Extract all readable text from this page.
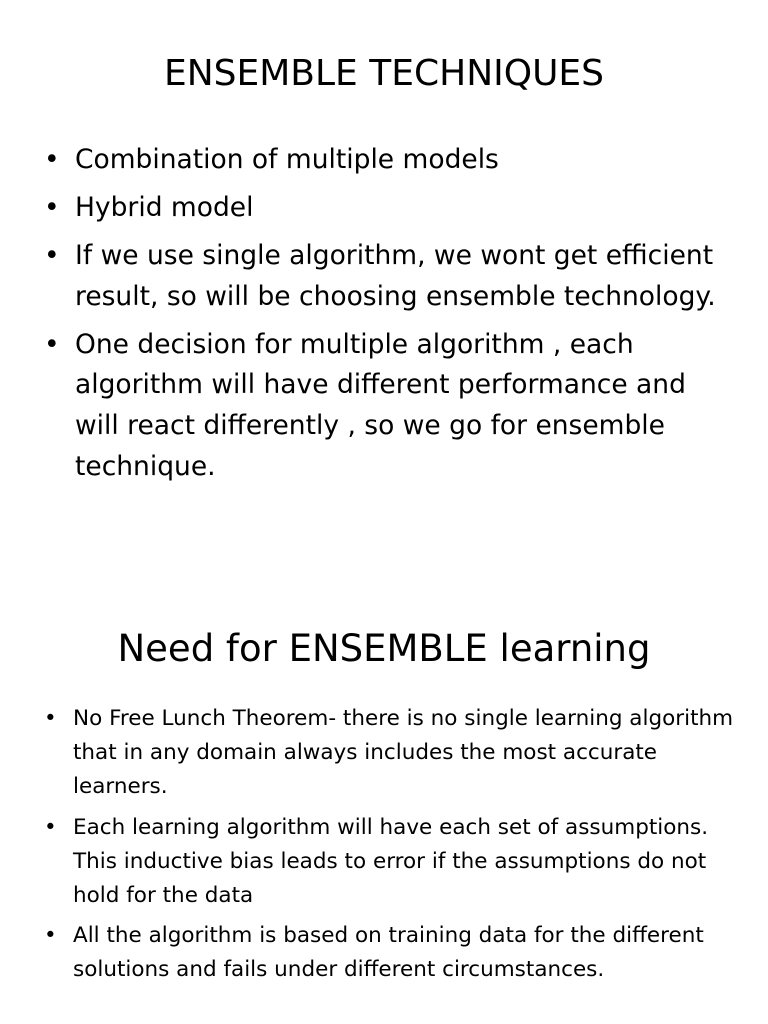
ENSEMBLE TECHNIQUES
• Combination of multiple models
• Hybrid model
• If we use single algorithm, we wont get efficient result, so will be choosing ensemble technology.
• One decision for multiple algorithm , each algorithm will have different performance and will react differently , so we go for ensemble technique.
Need for ENSEMBLE learning
• No Free Lunch Theorem- there is no single learning algorithm that in any domain always includes the most accurate learners.
• Each learning algorithm will have each set of assumptions. This inductive bias leads to error if the assumptions do not hold for the data
• All the algorithm is based on training data for the different solutions and fails under different circumstances.
